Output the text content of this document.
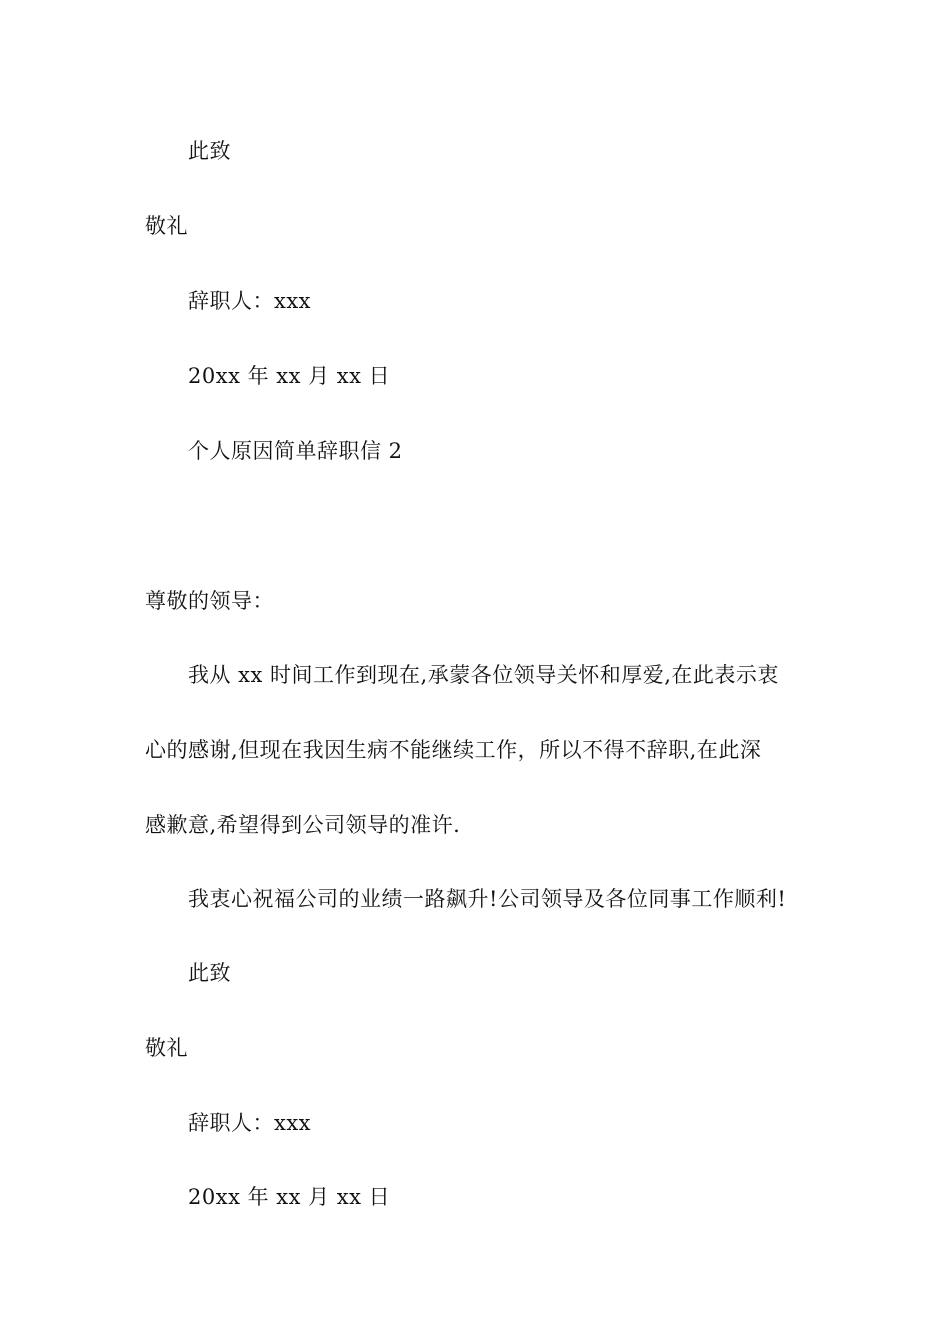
此致
敬礼
辞职人：xxx
20xx 年 xx 月 xx 日
个人原因简单辞职信 2
尊敬的领导：
我从 xx 时间工作到现在,承蒙各位领导关怀和厚爱,在此表示衷
心的感谢,但现在我因生病不能继续工作，所以不得不辞职,在此深
感歉意,希望得到公司领导的准许.
我衷心祝福公司的业绩一路飙升!公司领导及各位同事工作顺利!
此致
敬礼
辞职人：xxx
20xx 年 xx 月 xx 日
